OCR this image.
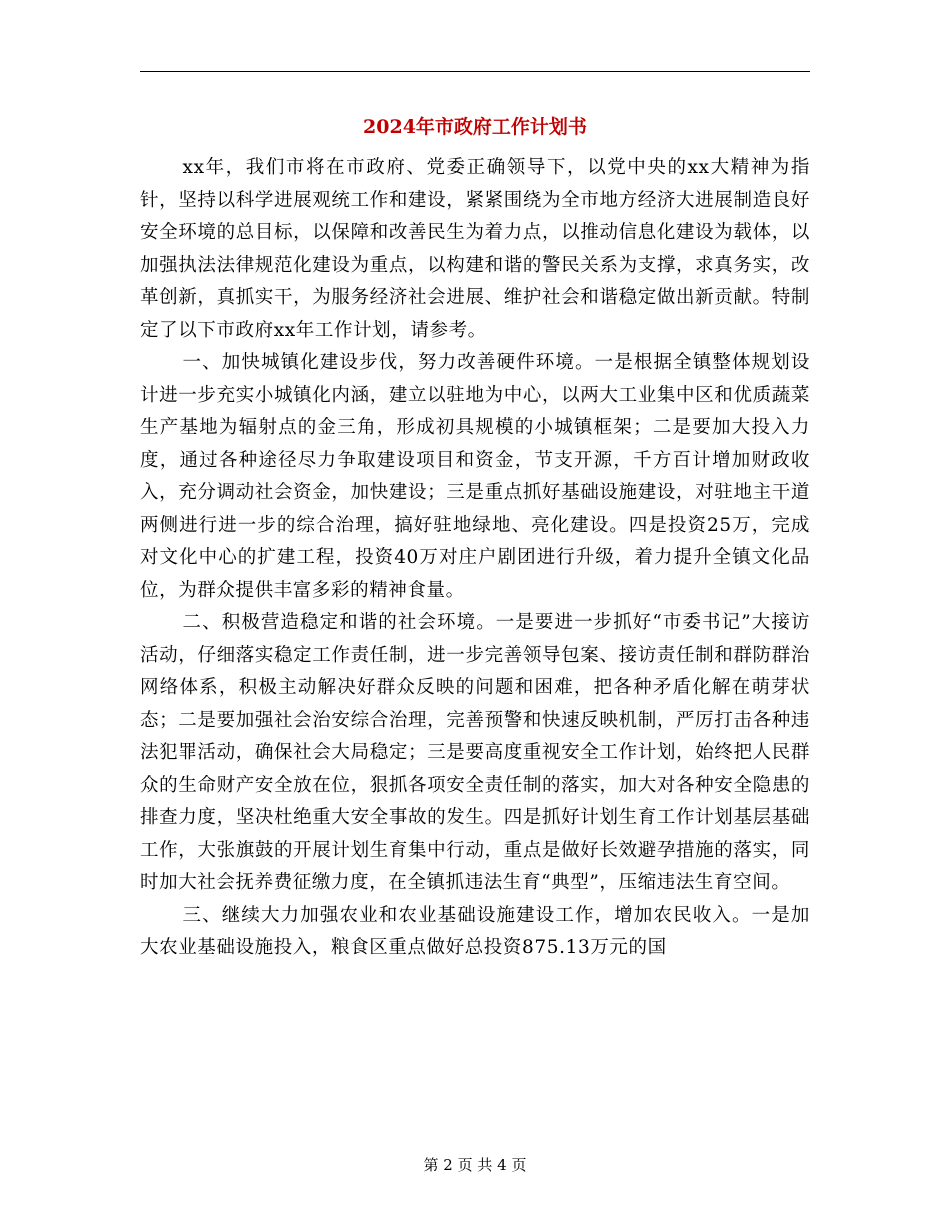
2024年市政府工作计划书

xx年，我们市将在市政府、党委正确领导下，以党中央的xx大精神为指针，坚持以科学进展观统工作和建设，紧紧围绕为全市地方经济大进展制造良好安全环境的总目标，以保障和改善民生为着力点，以推动信息化建设为载体，以加强执法法律规范化建设为重点，以构建和谐的警民关系为支撑，求真务实，改革创新，真抓实干，为服务经济社会进展、维护社会和谐稳定做出新贡献。特制定了以下市政府xx年工作计划，请参考。

一、加快城镇化建设步伐，努力改善硬件环境。一是根据全镇整体规划设计进一步充实小城镇化内涵，建立以驻地为中心，以两大工业集中区和优质蔬菜生产基地为辐射点的金三角，形成初具规模的小城镇框架；二是要加大投入力度，通过各种途径尽力争取建设项目和资金，节支开源，千方百计增加财政收入，充分调动社会资金，加快建设；三是重点抓好基础设施建设，对驻地主干道两侧进行进一步的综合治理，搞好驻地绿地、亮化建设。四是投资25万，完成对文化中心的扩建工程，投资40万对庄户剧团进行升级，着力提升全镇文化品位，为群众提供丰富多彩的精神食量。

二、积极营造稳定和谐的社会环境。一是要进一步抓好“市委书记”大接访活动，仔细落实稳定工作责任制，进一步完善领导包案、接访责任制和群防群治网络体系，积极主动解决好群众反映的问题和困难，把各种矛盾化解在萌芽状态；二是要加强社会治安综合治理，完善预警和快速反映机制，严厉打击各种违法犯罪活动，确保社会大局稳定；三是要高度重视安全工作计划，始终把人民群众的生命财产安全放在位，狠抓各项安全责任制的落实，加大对各种安全隐患的排查力度，坚决杜绝重大安全事故的发生。四是抓好计划生育工作计划基层基础工作，大张旗鼓的开展计划生育集中行动，重点是做好长效避孕措施的落实，同时加大社会抚养费征缴力度，在全镇抓违法生育“典型”，压缩违法生育空间。

三、继续大力加强农业和农业基础设施建设工作，增加农民收入。一是加大农业基础设施投入，粮食区重点做好总投资875.13万元的国

第 2 页 共 4 页
